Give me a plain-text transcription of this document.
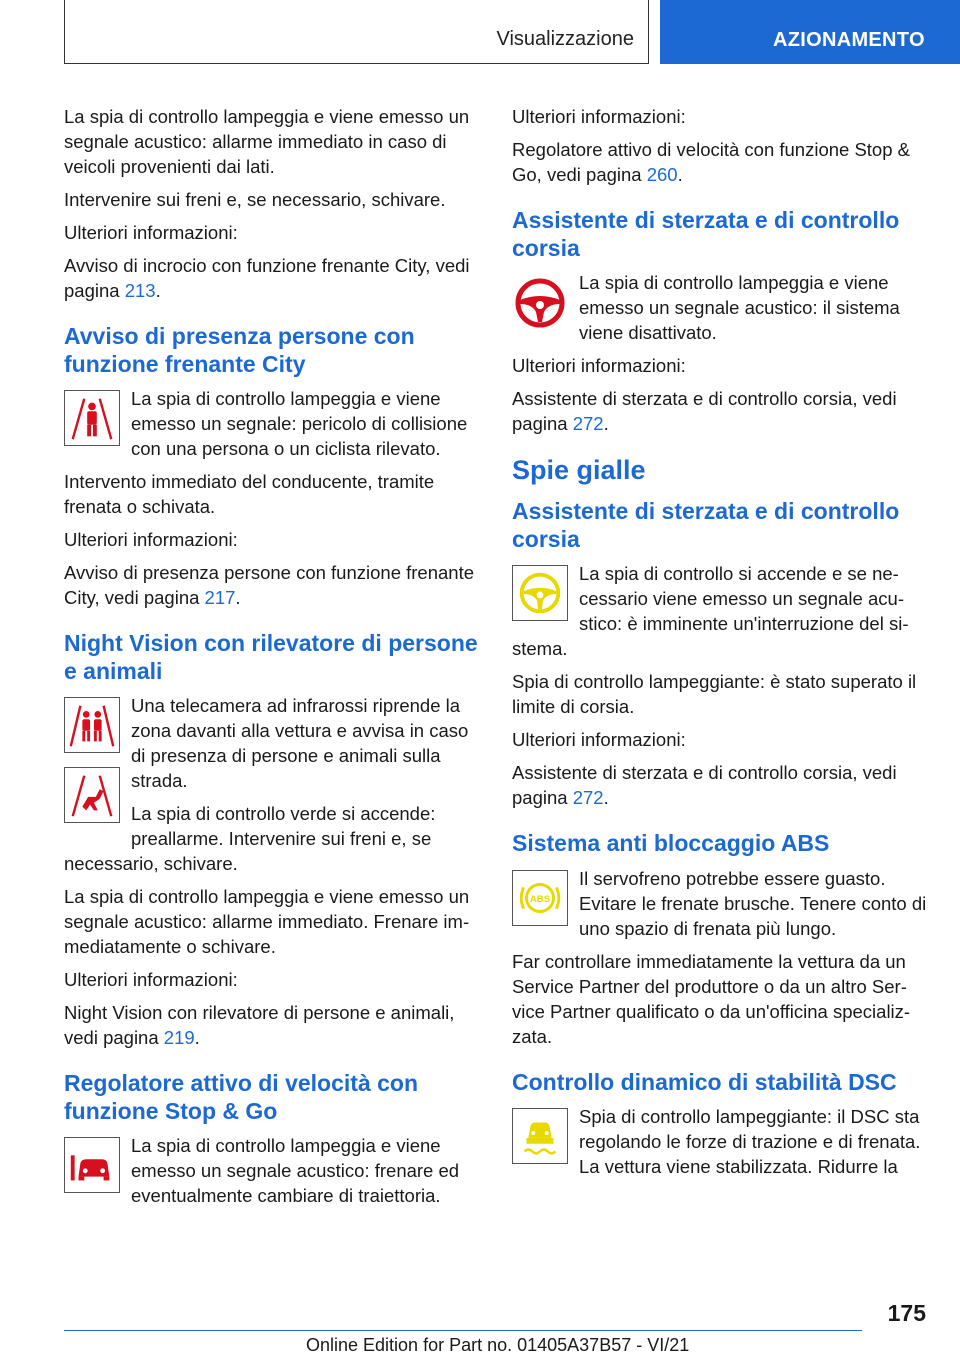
Visualizzazione	AZIONAMENTO

La spia di controllo lampeggia e viene emesso un segnale acustico: allarme immediato in caso di veicoli provenienti dai lati.

Intervenire sui freni e, se necessario, schivare.

Ulteriori informazioni:

Avviso di incrocio con funzione frenante City, vedi pagina 213.

Avviso di presenza persone con funzione frenante City

La spia di controllo lampeggia e viene emesso un segnale: pericolo di collisione con una persona o un ciclista rilevato.

Intervento immediato del conducente, tramite frenata o schivata.

Ulteriori informazioni:

Avviso di presenza persone con funzione frenante City, vedi pagina 217.

Night Vision con rilevatore di persone e animali

Una telecamera ad infrarossi riprende la zona davanti alla vettura e avvisa in caso di presenza di persone e animali sulla strada.

La spia di controllo verde si accende: preallarme. Intervenire sui freni e, se necessario, schivare.

La spia di controllo lampeggia e viene emesso un segnale acustico: allarme immediato. Frenare immediatamente o schivare.

Ulteriori informazioni:

Night Vision con rilevatore di persone e animali, vedi pagina 219.

Regolatore attivo di velocità con funzione Stop & Go

La spia di controllo lampeggia e viene emesso un segnale acustico: frenare ed eventualmente cambiare di traiettoria.

Ulteriori informazioni:

Regolatore attivo di velocità con funzione Stop & Go, vedi pagina 260.

Assistente di sterzata e di controllo corsia

La spia di controllo lampeggia e viene emesso un segnale acustico: il sistema viene disattivato.

Ulteriori informazioni:

Assistente di sterzata e di controllo corsia, vedi pagina 272.

Spie gialle
Assistente di sterzata e di controllo corsia

La spia di controllo si accende e se necessario viene emesso un segnale acustico: è imminente un'interruzione del sistema.

Spia di controllo lampeggiante: è stato superato il limite di corsia.

Ulteriori informazioni:

Assistente di sterzata e di controllo corsia, vedi pagina 272.

Sistema anti bloccaggio ABS
ABS

Il servofreno potrebbe essere guasto. Evitare le frenate brusche. Tenere conto di uno spazio di frenata più lungo.

Far controllare immediatamente la vettura da un Service Partner del produttore o da un altro Service Partner qualificato o da un'officina specializzata.

Controllo dinamico di stabilità DSC

Spia di controllo lampeggiante: il DSC sta regolando le forze di trazione e di frenata. La vettura viene stabilizzata. Ridurre la

175
Online Edition for Part no. 01405A37B57 - VI/21
